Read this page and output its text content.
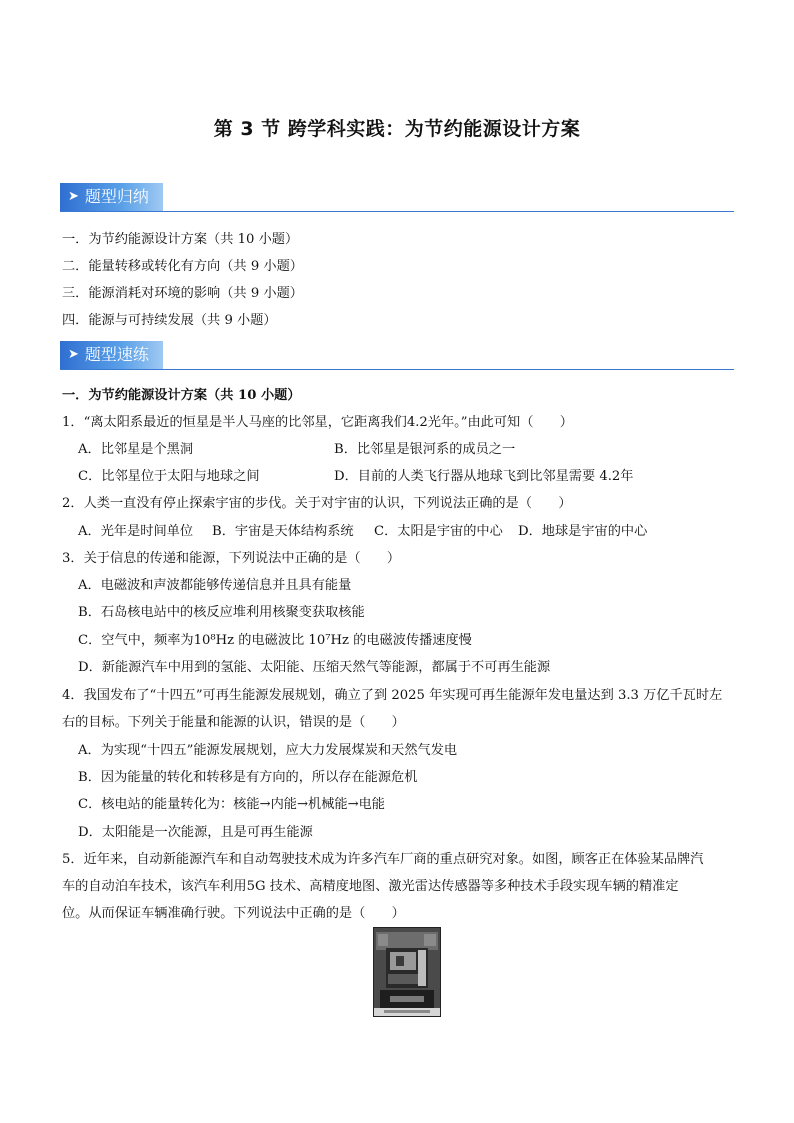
第 3 节 跨学科实践：为节约能源设计方案
➤ 题型归纳
一．为节约能源设计方案（共 10 小题）
二．能量转移或转化有方向（共 9 小题）
三．能源消耗对环境的影响（共 9 小题）
四．能源与可持续发展（共 9 小题）
➤ 题型速练
一．为节约能源设计方案（共 10 小题）
1．“离太阳系最近的恒星是半人马座的比邻星，它距离我们4.2光年。”由此可知（　　）
A．比邻星是个黑洞	B．比邻星是银河系的成员之一
C．比邻星位于太阳与地球之间	D．目前的人类飞行器从地球飞到比邻星需要 4.2年
2．人类一直没有停止探索宇宙的步伐。关于对宇宙的认识，下列说法正确的是（　　）
A．光年是时间单位 B．宇宙是天体结构系统 C．太阳是宇宙的中心 D．地球是宇宙的中心
3．关于信息的传递和能源，下列说法中正确的是（　　）
A．电磁波和声波都能够传递信息并且具有能量
B．石岛核电站中的核反应堆利用核聚变获取核能
C．空气中，频率为10⁸Hz 的电磁波比 10⁷Hz 的电磁波传播速度慢
D．新能源汽车中用到的氢能、太阳能、压缩天然气等能源，都属于不可再生能源
4．我国发布了“十四五”可再生能源发展规划，确立了到 2025 年实现可再生能源年发电量达到 3.3 万亿千瓦时左
右的目标。下列关于能量和能源的认识，错误的是（　　）
A．为实现“十四五”能源发展规划，应大力发展煤炭和天然气发电
B．因为能量的转化和转移是有方向的，所以存在能源危机
C．核电站的能量转化为：核能→内能→机械能→电能
D．太阳能是一次能源，且是可再生能源
5．近年来，自动新能源汽车和自动驾驶技术成为许多汽车厂商的重点研究对象。如图，顾客正在体验某品牌汽
车的自动泊车技术，该汽车利用5G 技术、高精度地图、激光雷达传感器等多种技术手段实现车辆的精准定
位。从而保证车辆准确行驶。下列说法中正确的是（　　）
